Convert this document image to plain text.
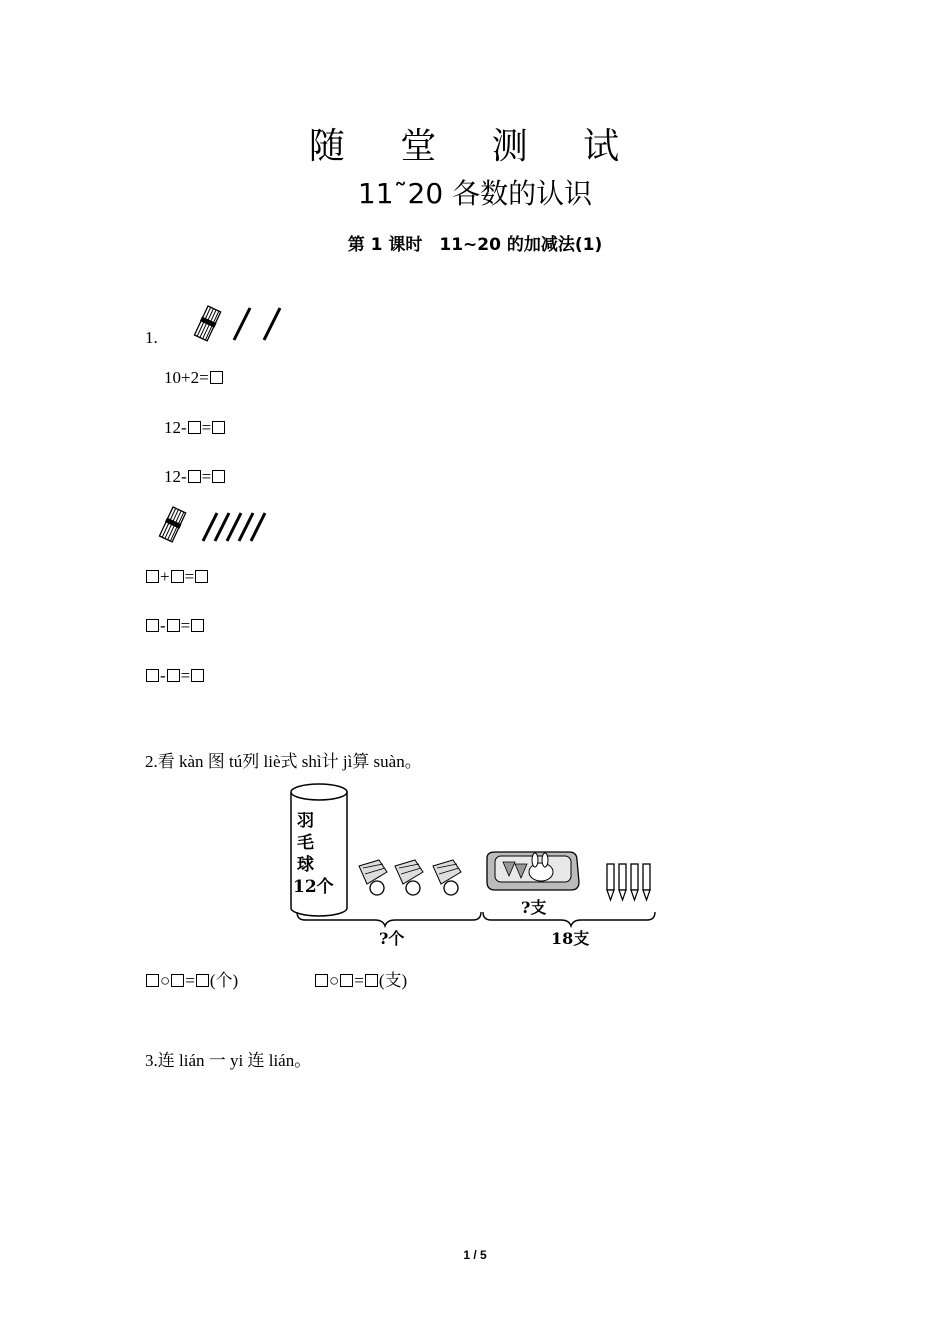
随 堂 测 试
11˜20 各数的认识
第 1 课时　11~20 的加减法(1)
1.
10+2=
12- =
12- =
+ =
- =
- =
2.看 kàn 图 tú列 liè式 shì计 jì算 suàn。
羽
毛
球
12个
?支
?个	18支
○ = (个)	○ = (支)
3.连 lián 一 yi 连 lián。
1 / 5
